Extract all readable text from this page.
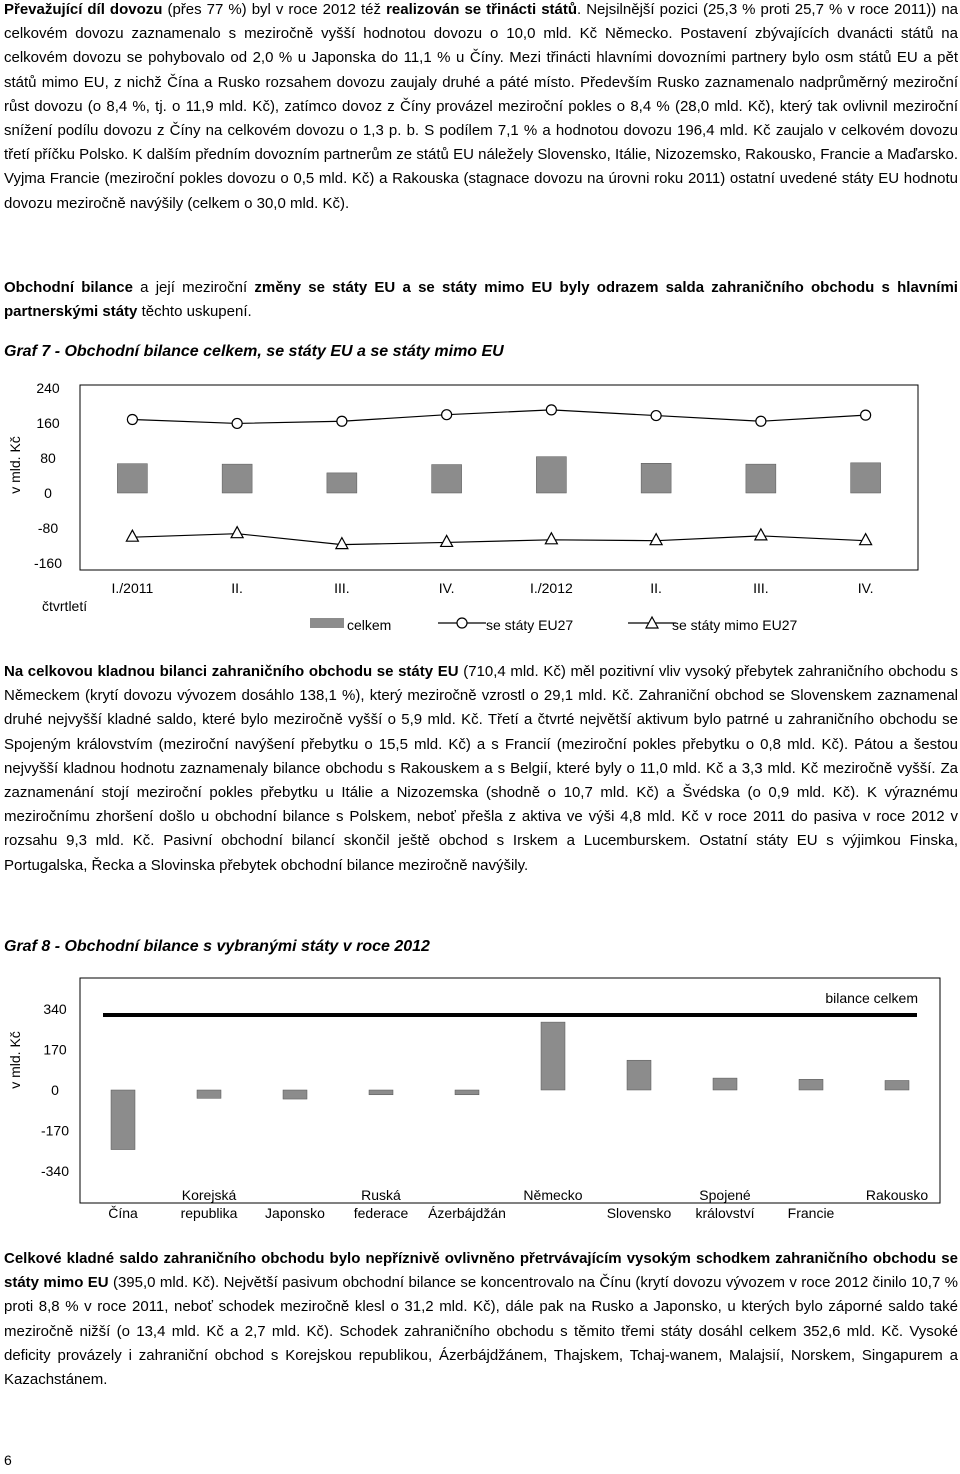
Převažující díl dovozu (přes 77 %) byl v roce 2012 též realizován se třinácti států. Nejsilnější pozici (25,3 % proti 25,7 % v roce 2011)) na celkovém dovozu zaznamenalo s meziročně vyšší hodnotou dovozu o 10,0 mld. Kč Německo. Postavení zbývajících dvanácti států na celkovém dovozu se pohybovalo od 2,0 % u Japonska do 11,1 % u Číny. Mezi třinácti hlavními dovozními partnery bylo osm států EU a pět států mimo EU, z nichž Čína a Rusko rozsahem dovozu zaujaly druhé a páté místo. Především Rusko zaznamenalo nadprůměrný meziroční růst dovozu (o 8,4 %, tj. o 11,9 mld. Kč), zatímco dovoz z Číny provázel meziroční pokles o 8,4 % (28,0 mld. Kč), který tak ovlivnil meziroční snížení podílu dovozu z Číny na celkovém dovozu o 1,3 p. b. S podílem 7,1 % a hodnotou dovozu 196,4 mld. Kč zaujalo v celkovém dovozu třetí příčku Polsko. K dalším předním dovozním partnerům ze států EU náležely Slovensko, Itálie, Nizozemsko, Rakousko, Francie a Maďarsko. Vyjma Francie (meziroční pokles dovozu o 0,5 mld. Kč) a Rakouska (stagnace dovozu na úrovni roku 2011) ostatní uvedené státy EU hodnotu dovozu meziročně navýšily (celkem o 30,0 mld. Kč).

Obchodní bilance a její meziroční změny se státy EU a se státy mimo EU byly odrazem salda zahraničního obchodu s hlavními partnerskými státy těchto uskupení.

Graf 7 - Obchodní bilance celkem, se státy EU a se státy mimo EU

240
160
80
0
-80
-160
I./2011	II.	III.	IV.	I./2012	II.	III.	IV.
v mld. Kč
čtvrtletí
celkem	se státy EU27	se státy mimo EU27

Na celkovou kladnou bilanci zahraničního obchodu se státy EU (710,4 mld. Kč) měl pozitivní vliv vysoký přebytek zahraničního obchodu s Německem (krytí dovozu vývozem dosáhlo 138,1 %), který meziročně vzrostl o 29,1 mld. Kč. Zahraniční obchod se Slovenskem zaznamenal druhé nejvyšší kladné saldo, které bylo meziročně vyšší o 5,9 mld. Kč. Třetí a čtvrté největší aktivum bylo patrné u zahraničního obchodu se Spojeným královstvím (meziroční navýšení přebytku o 15,5 mld. Kč) a s Francií (meziroční pokles přebytku o 0,8 mld. Kč). Pátou a šestou nejvyšší kladnou hodnotu zaznamenaly bilance obchodu s Rakouskem a s Belgií, které byly o 11,0 mld. Kč a 3,3 mld. Kč meziročně vyšší. Za zaznamenání stojí meziroční pokles přebytku u Itálie a Nizozemska (shodně o 10,7 mld. Kč) a Švédska (o 0,9 mld. Kč). K výraznému meziročnímu zhoršení došlo u obchodní bilance s Polskem, neboť přešla z aktiva ve výši 4,8 mld. Kč v roce 2011 do pasiva v roce 2012 v rozsahu 9,3 mld. Kč. Pasivní obchodní bilancí skončil ještě obchod s Irskem a Lucemburskem. Ostatní státy EU s výjimkou Finska, Portugalska, Řecka a Slovinska přebytek obchodní bilance meziročně navýšily.

Graf 8 - Obchodní bilance s vybranými státy v roce 2012

340
170
0
-170
-340
bilance celkem
Korejská	Ruská	Německo	Spojené	Rakousko
Čína	republika Japonsko federace Ázerbájdžán	Slovensko království Francie
v mld. Kč

Celkové kladné saldo zahraničního obchodu bylo nepříznivě ovlivněno přetrvávajícím vysokým schodkem zahraničního obchodu se státy mimo EU (395,0 mld. Kč). Největší pasivum obchodní bilance se koncentrovalo na Čínu (krytí dovozu vývozem v roce 2012 činilo 10,7 % proti 8,8 % v roce 2011, neboť schodek meziročně klesl o 31,2 mld. Kč), dále pak na Rusko a Japonsko, u kterých bylo záporné saldo také meziročně nižší (o 13,4 mld. Kč a 2,7 mld. Kč). Schodek zahraničního obchodu s těmito třemi státy dosáhl celkem 352,6 mld. Kč. Vysoké deficity provázely i zahraniční obchod s Korejskou republikou, Ázerbájdžánem, Thajskem, Tchaj-wanem, Malajsií, Norskem, Singapurem a Kazachstánem.

6
